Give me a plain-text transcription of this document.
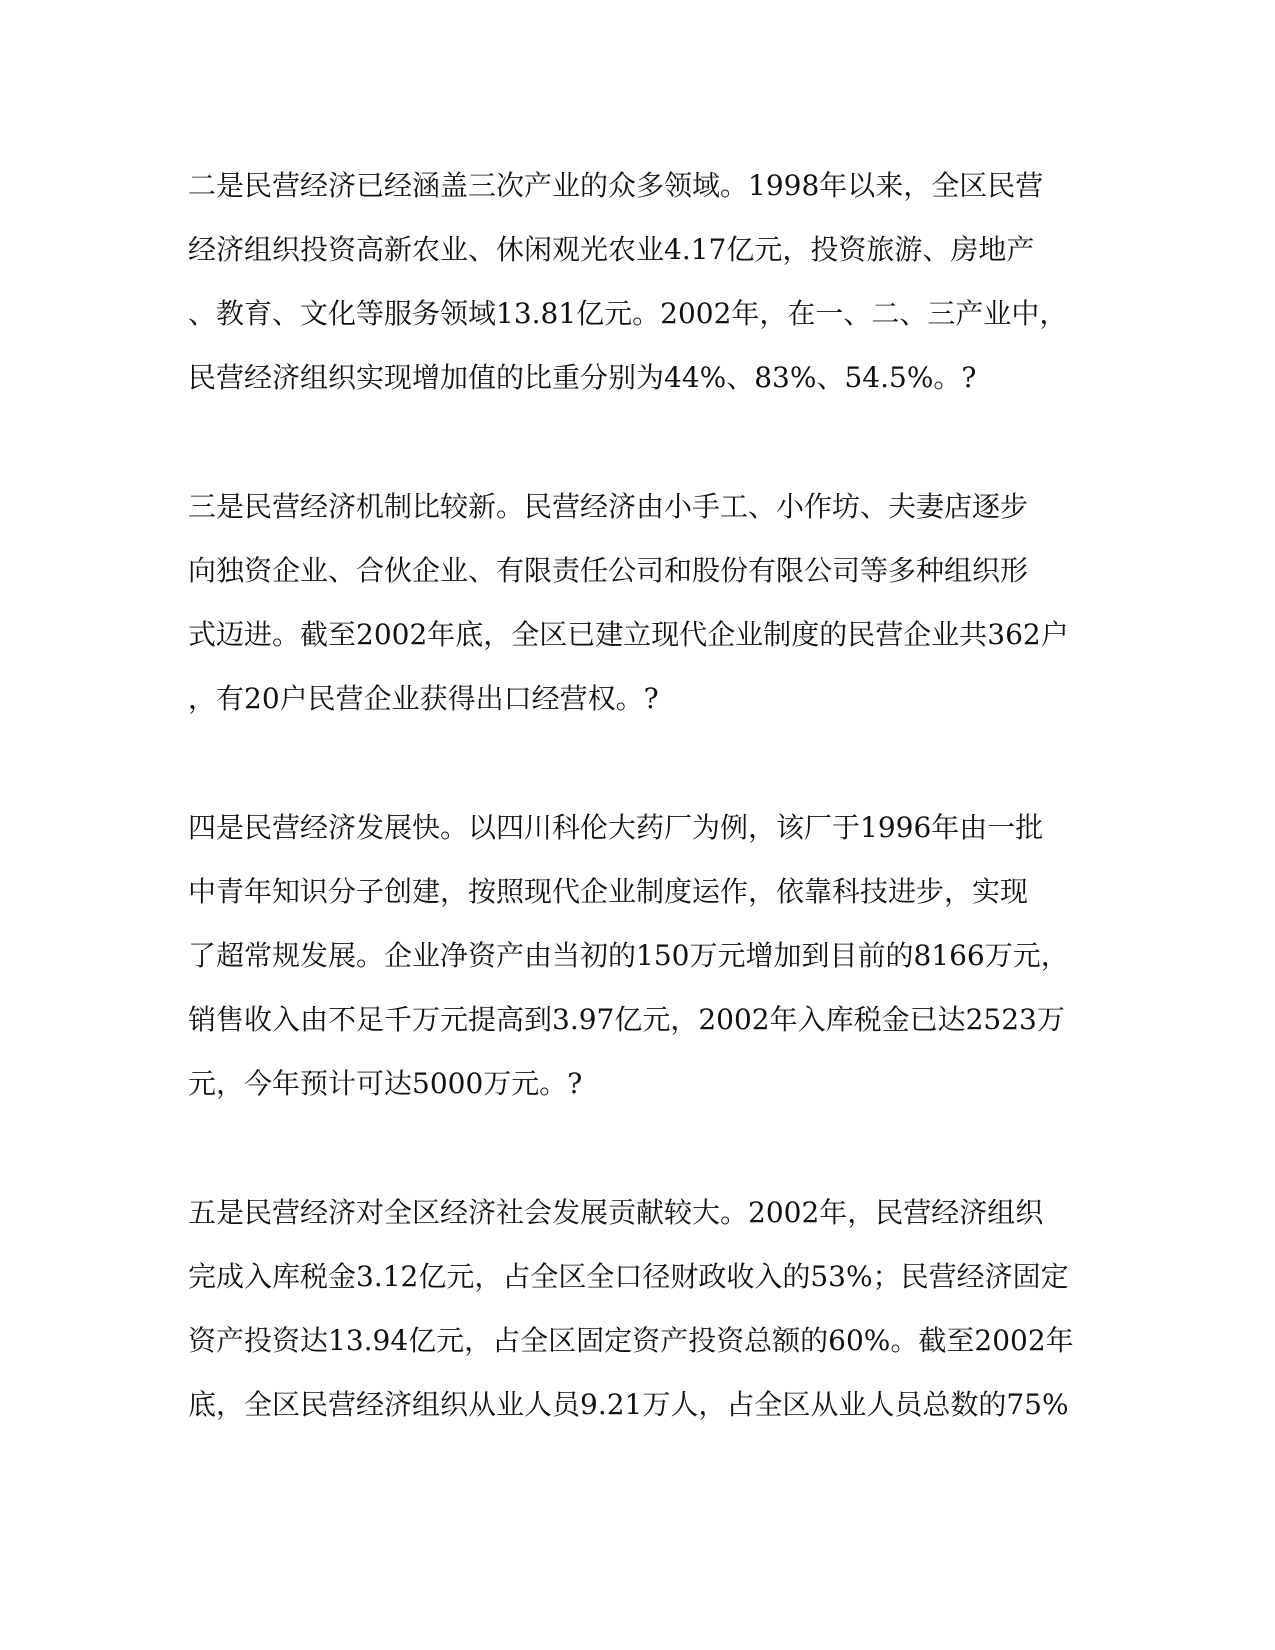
二是民营经济已经涵盖三次产业的众多领域。1998年以来，全区民营
经济组织投资高新农业、休闲观光农业4.17亿元，投资旅游、房地产
、教育、文化等服务领域13.81亿元。2002年，在一、二、三产业中，
民营经济组织实现增加值的比重分别为44%、83%、54.5%。?
三是民营经济机制比较新。民营经济由小手工、小作坊、夫妻店逐步
向独资企业、合伙企业、有限责任公司和股份有限公司等多种组织形
式迈进。截至2002年底，全区已建立现代企业制度的民营企业共362户
，有20户民营企业获得出口经营权。?
四是民营经济发展快。以四川科伦大药厂为例，该厂于1996年由一批
中青年知识分子创建，按照现代企业制度运作，依靠科技进步，实现
了超常规发展。企业净资产由当初的150万元增加到目前的8166万元，
销售收入由不足千万元提高到3.97亿元，2002年入库税金已达2523万
元，今年预计可达5000万元。?
五是民营经济对全区经济社会发展贡献较大。2002年，民营经济组织
完成入库税金3.12亿元，占全区全口径财政收入的53%；民营经济固定
资产投资达13.94亿元，占全区固定资产投资总额的60%。截至2002年
底，全区民营经济组织从业人员9.21万人，占全区从业人员总数的75%
